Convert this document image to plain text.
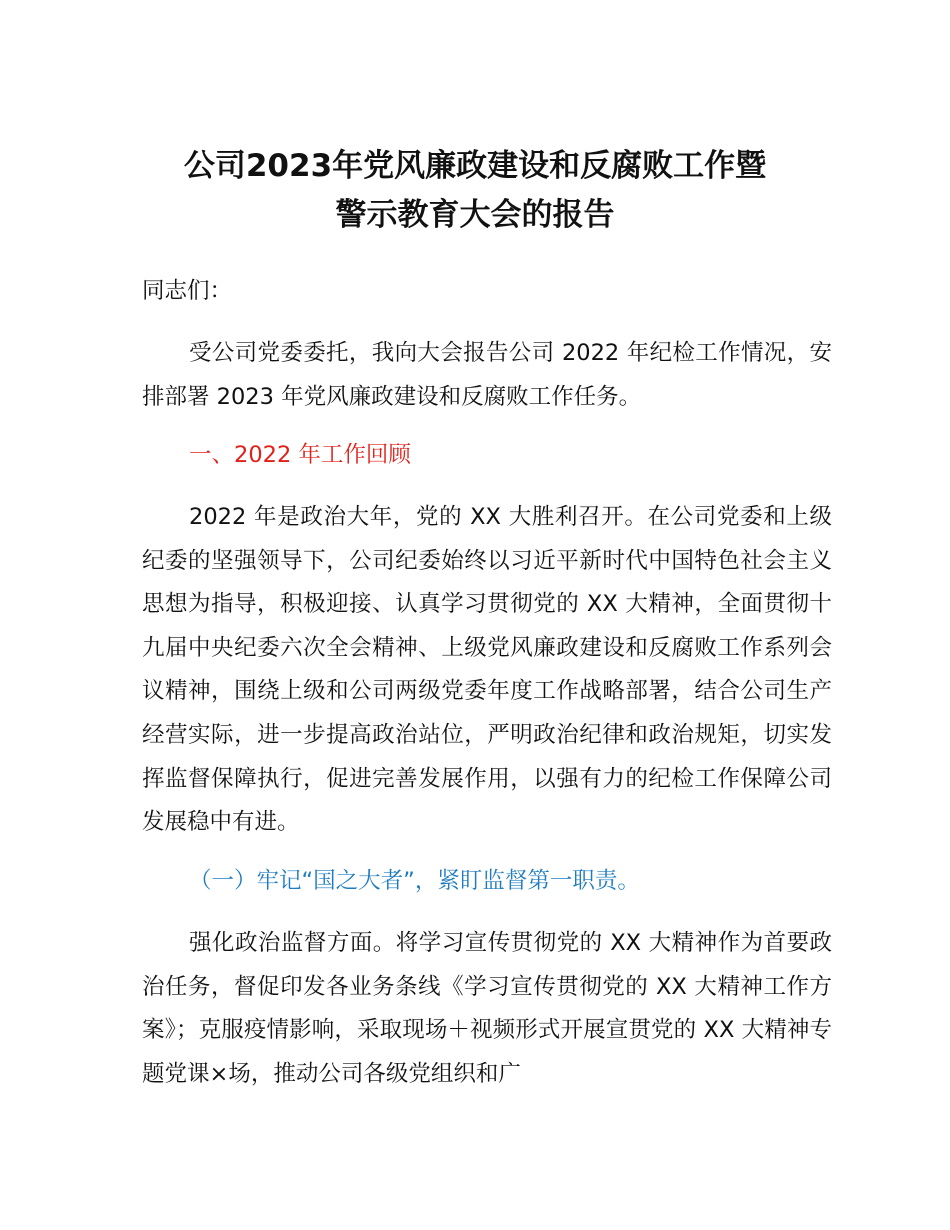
公司2023年党风廉政建设和反腐败工作暨
警示教育大会的报告

同志们：

受公司党委委托，我向大会报告公司 2022 年纪检工作情况，安排部署 2023 年党风廉政建设和反腐败工作任务。

一、2022 年工作回顾

2022 年是政治大年，党的 XX 大胜利召开。在公司党委和上级纪委的坚强领导下，公司纪委始终以习近平新时代中国特色社会主义思想为指导，积极迎接、认真学习贯彻党的 XX 大精神，全面贯彻十九届中央纪委六次全会精神、上级党风廉政建设和反腐败工作系列会议精神，围绕上级和公司两级党委年度工作战略部署，结合公司生产经营实际，进一步提高政治站位，严明政治纪律和政治规矩，切实发挥监督保障执行，促进完善发展作用，以强有力的纪检工作保障公司发展稳中有进。

（一）牢记“国之大者”，紧盯监督第一职责。

强化政治监督方面。将学习宣传贯彻党的 XX 大精神作为首要政治任务，督促印发各业务条线《学习宣传贯彻党的 XX 大精神工作方案》；克服疫情影响，采取现场＋视频形式开展宣贯党的 XX 大精神专题党课×场，推动公司各级党组织和广
